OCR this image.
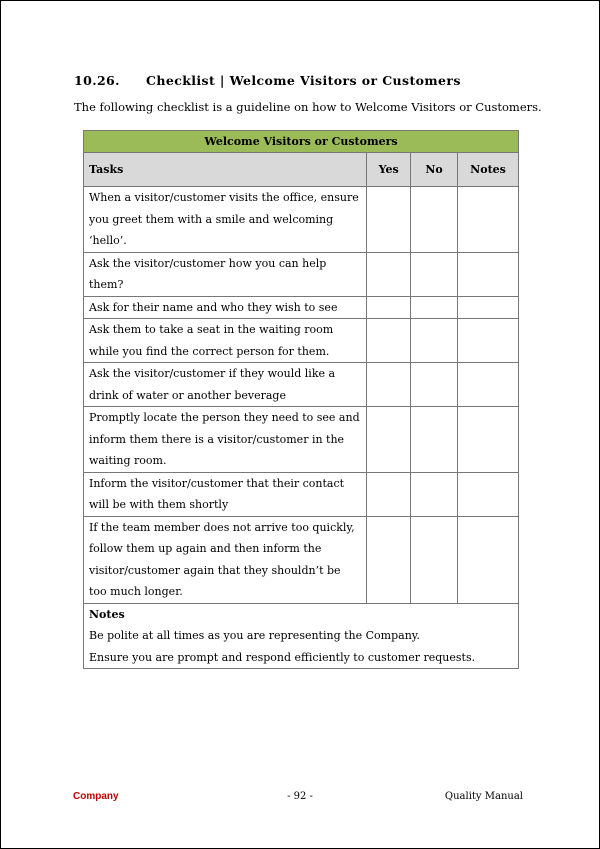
10.26. Checklist | Welcome Visitors or Customers
The following checklist is a guideline on how to Welcome Visitors or Customers.
Welcome Visitors or Customers			
Tasks	Yes	No	Notes
When a visitor/customer visits the office, ensure you greet them with a smile and welcoming ‘hello’.			
Ask the visitor/customer how you can help them?			
Ask for their name and who they wish to see			
Ask them to take a seat in the waiting room while you find the correct person for them.			
Ask the visitor/customer if they would like a drink of water or another beverage			
Promptly locate the person they need to see and inform them there is a visitor/customer in the waiting room.			
Inform the visitor/customer that their contact will be with them shortly			
If the team member does not arrive too quickly, follow them up again and then inform the visitor/customer again that they shouldn’t be too much longer.			

Notes
Be polite at all times as you are representing the Company.
Ensure you are prompt and respond efficiently to customer requests.			
Company	- 92 -	Quality Manual
